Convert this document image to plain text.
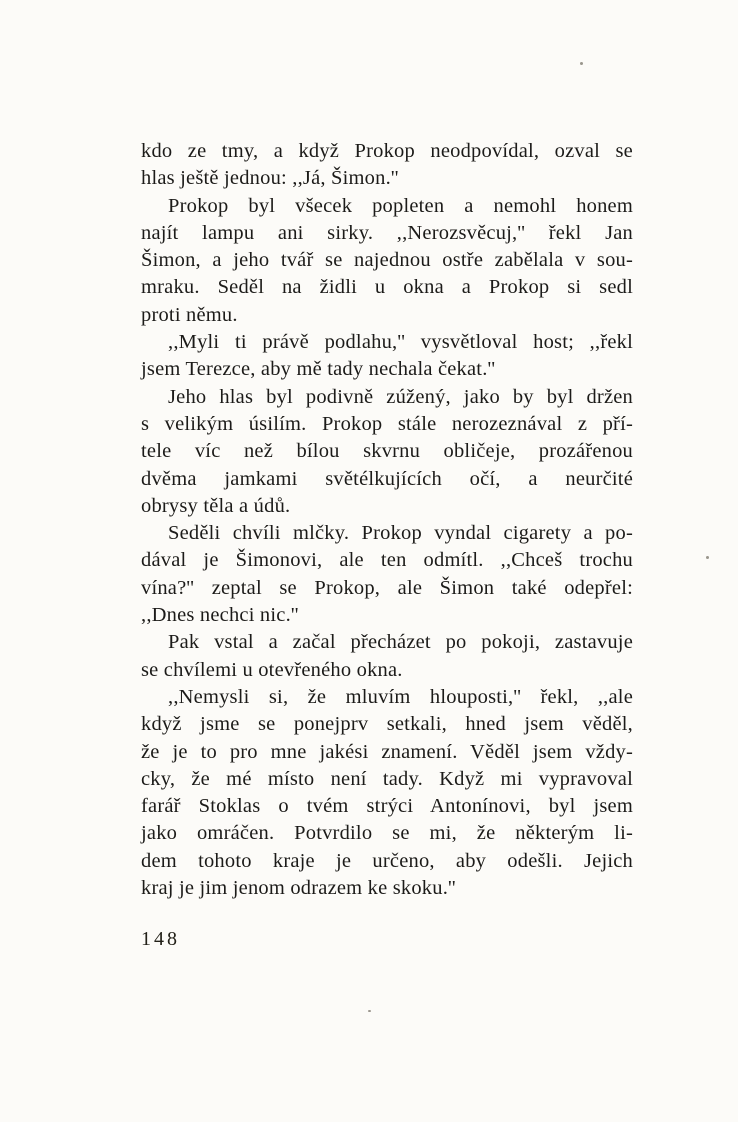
kdo ze tmy, a když Prokop neodpovídal, ozval se
hlas ještě jednou: ,,Já, Šimon.''
Prokop byl všecek popleten a nemohl honem
najít lampu ani sirky. ,,Nerozsvěcuj,'' řekl Jan
Šimon, a jeho tvář se najednou ostře zabělala v sou-
mraku. Seděl na židli u okna a Prokop si sedl
proti němu.
,,Myli ti právě podlahu,'' vysvětloval host; ,,řekl
jsem Terezce, aby mě tady nechala čekat.''
Jeho hlas byl podivně zúžený, jako by byl držen
s velikým úsilím. Prokop stále nerozeznával z pří-
tele víc než bílou skvrnu obličeje, prozářenou
dvěma jamkami světélkujících očí, a neurčité
obrysy těla a údů.
Seděli chvíli mlčky. Prokop vyndal cigarety a po-
dával je Šimonovi, ale ten odmítl. ,,Chceš trochu
vína?'' zeptal se Prokop, ale Šimon také odepřel:
,,Dnes nechci nic.''
Pak vstal a začal přecházet po pokoji, zastavuje
se chvílemi u otevřeného okna.
,,Nemysli si, že mluvím hlouposti,'' řekl, ,,ale
když jsme se ponejprv setkali, hned jsem věděl,
že je to pro mne jakési znamení. Věděl jsem vždy-
cky, že mé místo není tady. Když mi vypravoval
farář Stoklas o tvém strýci Antonínovi, byl jsem
jako omráčen. Potvrdilo se mi, že některým li-
dem tohoto kraje je určeno, aby odešli. Jejich
kraj je jim jenom odrazem ke skoku.''
148
